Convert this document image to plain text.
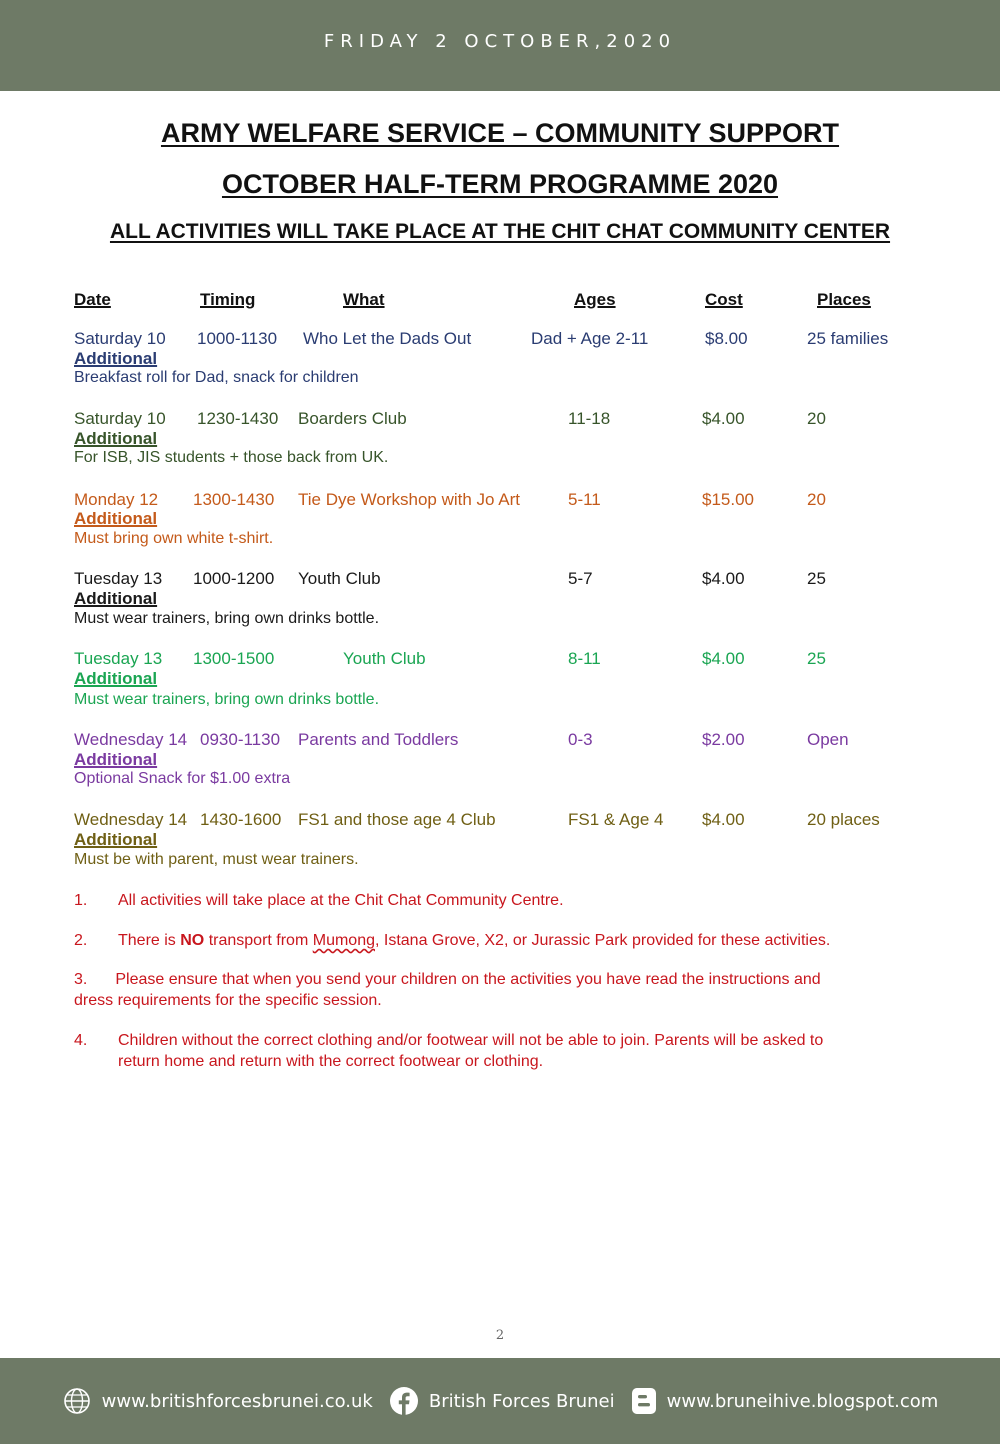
FRIDAY 2 OCTOBER,2020
ARMY WELFARE SERVICE – COMMUNITY SUPPORT
OCTOBER HALF-TERM PROGRAMME 2020
ALL ACTIVITIES WILL TAKE PLACE AT THE CHIT CHAT COMMUNITY CENTER
Date	Timing	What	Ages	Cost	Places
Saturday 10 1000-1130 Who Let the Dads Out	Dad + Age 2-11	$8.00	25 families
Additional
Breakfast roll for Dad, snack for children
Saturday 10 1230-1430 Boarders Club	11-18	$4.00	20
Additional
For ISB, JIS students + those back from UK.
Monday 12 1300-1430 Tie Dye Workshop with Jo Art	5-11	$15.00	20
Additional
Must bring own white t-shirt.
Tuesday 13 1000-1200 Youth Club	5-7	$4.00	25
Additional
Must wear trainers, bring own drinks bottle.
Tuesday 13 1300-1500	Youth Club	8-11	$4.00	25
Additional
Must wear trainers, bring own drinks bottle.
Wednesday 14 0930-1130 Parents and Toddlers	0-3	$2.00	Open
Additional
Optional Snack for $1.00 extra
Wednesday 14 1430-1600 FS1 and those age 4 Club	FS1 & Age 4 $4.00	20 places
Additional
Must be with parent, must wear trainers.
1. All activities will take place at the Chit Chat Community Centre.
2. There is NO transport from Mumong, Istana Grove, X2, or Jurassic Park provided for these activities.
3. Please ensure that when you send your children on the activities you have read the instructions and
dress requirements for the specific session.
4.	Children without the correct clothing and/or footwear will not be able to join. Parents will be asked to
return home and return with the correct footwear or clothing.
2
www.britishforcesbrunei.co.uk	British Forces Brunei	www.bruneihive.blogspot.com
